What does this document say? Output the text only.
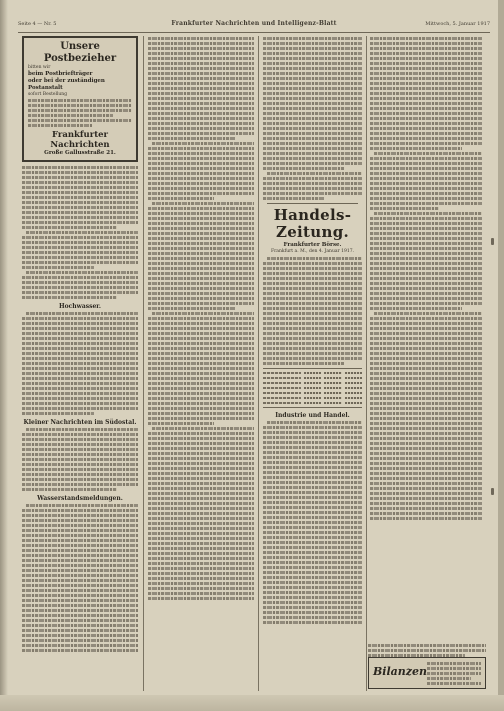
Seite 4 — Nr. 5	Frankfurter Nachrichten und Intelligenz-Blatt	Mittwoch, 5. Januar 1917
Unsere Postbezieher
bitten wir
beim Postbriefträger
oder bei der zuständigen Postanstalt
sofort Bestellung
Frankfurter Nachrichten
Große Gallusstraße 21.
Hochwasser.
Kleiner Nachrichten im Südostal.
Wasserstandsmeldungen.
Handels-Zeitung.
Frankfurter Börse.
Frankfurt a. M., den 4. Januar 1917.
Industrie und Handel.
Bilanzen
